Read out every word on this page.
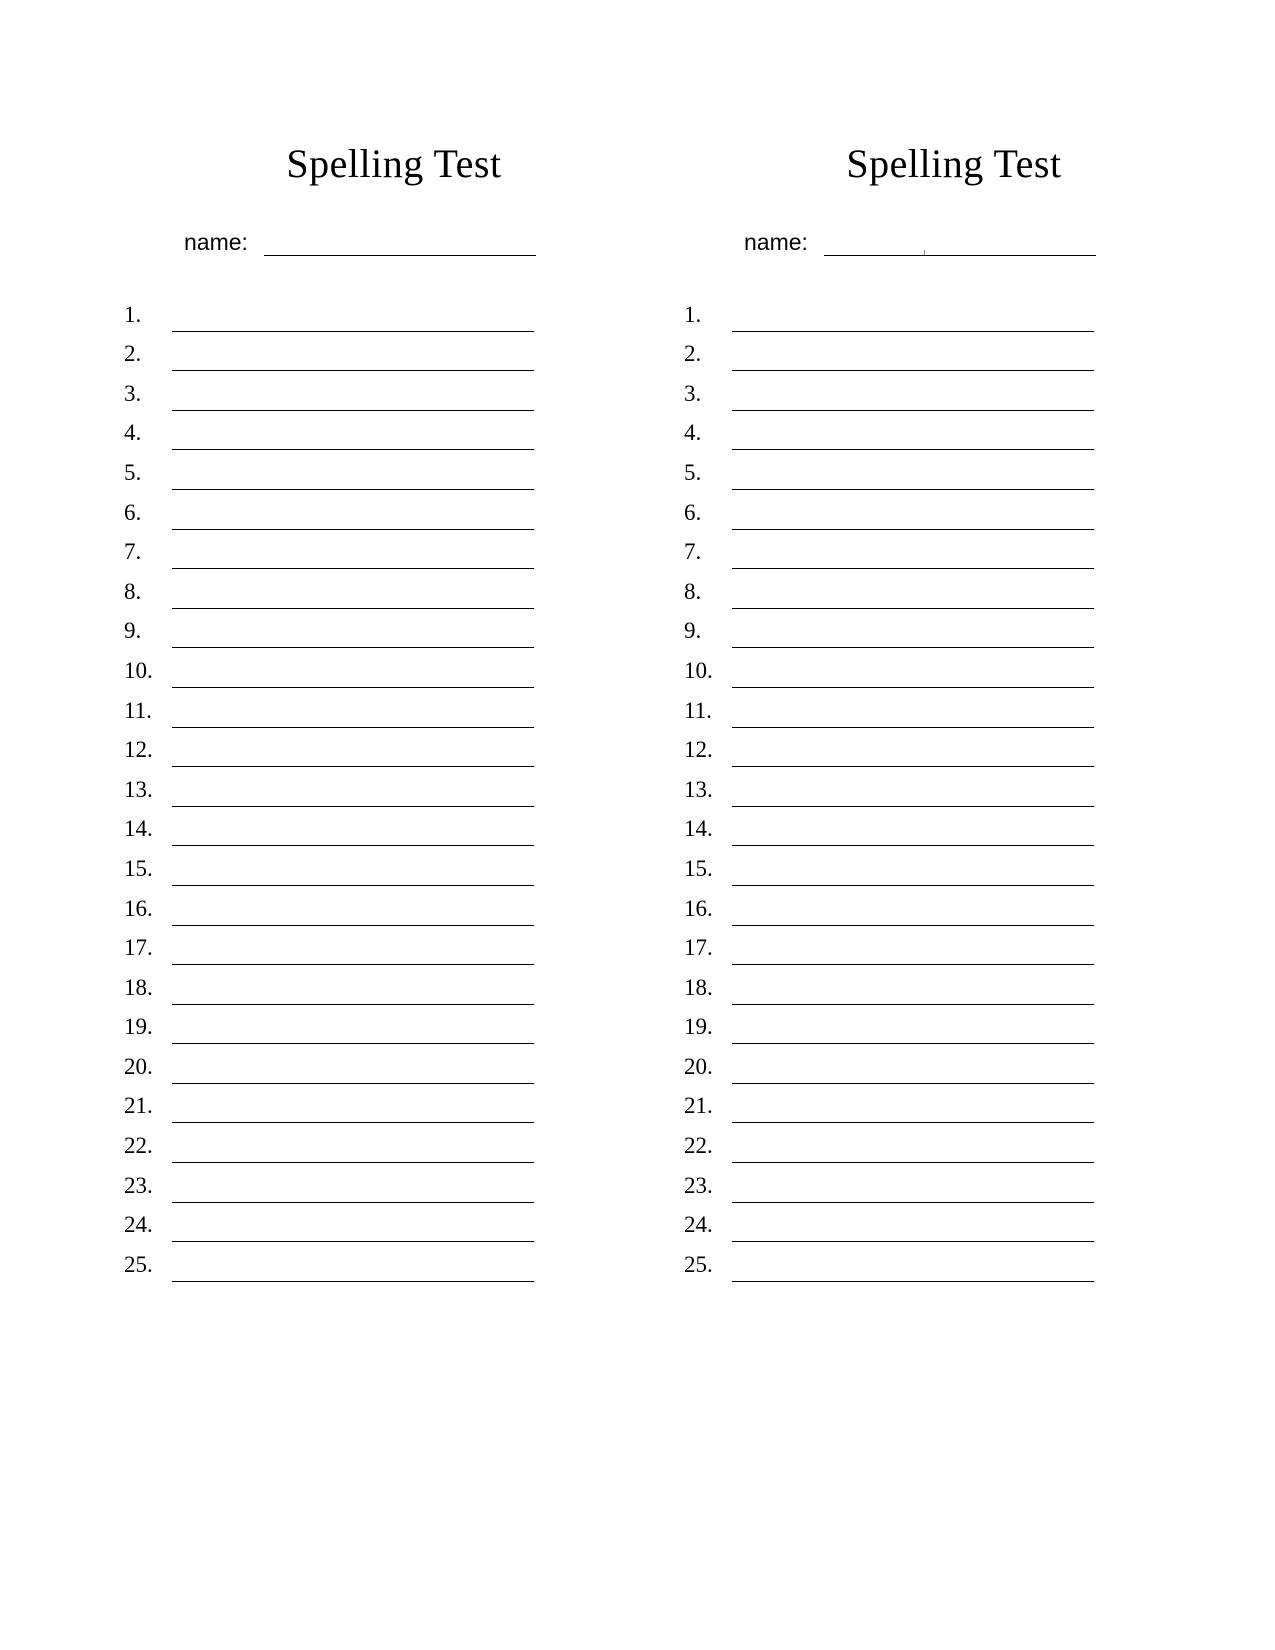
Spelling Test
name:
1.
2.
3.
4.
5.
6.
7.
8.
9.
10.
11.
12.
13.
14.
15.
16.
17.
18.
19.
20.
21.
22.
23.
24.
25.
Spelling Test
name:
1.
2.
3.
4.
5.
6.
7.
8.
9.
10.
11.
12.
13.
14.
15.
16.
17.
18.
19.
20.
21.
22.
23.
24.
25.
